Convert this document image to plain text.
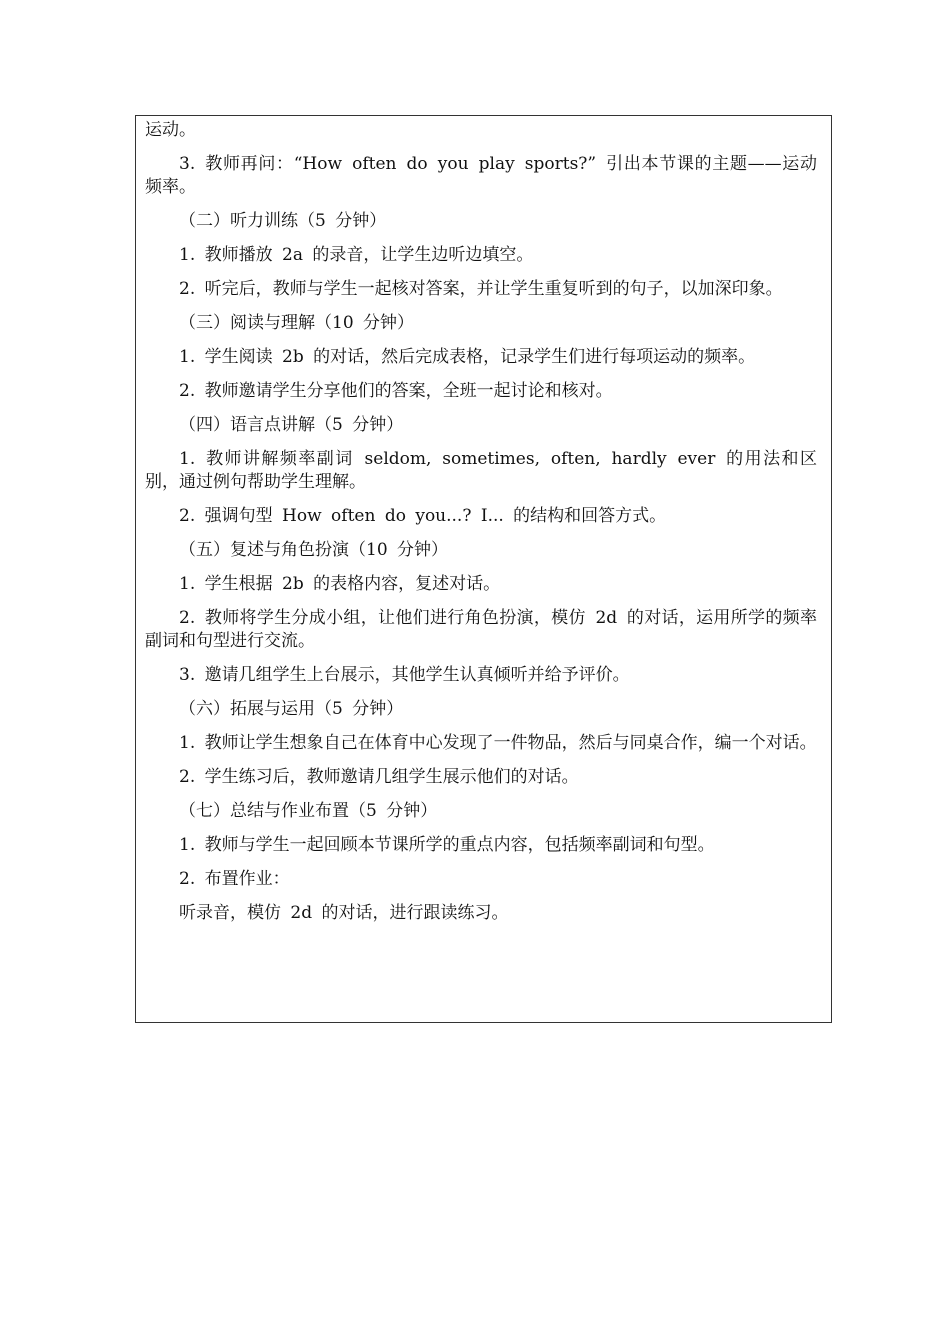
运动。

3. 教师再问：“How often do you play sports?” 引出本节课的主题——运动频率。

（二）听力训练（5 分钟）

1. 教师播放 2a 的录音，让学生边听边填空。

2. 听完后，教师与学生一起核对答案，并让学生重复听到的句子，以加深印象。

（三）阅读与理解（10 分钟）

1. 学生阅读 2b 的对话，然后完成表格，记录学生们进行每项运动的频率。

2. 教师邀请学生分享他们的答案，全班一起讨论和核对。

（四）语言点讲解（5 分钟）

1. 教师讲解频率副词 seldom, sometimes, often, hardly ever 的用法和区别，通过例句帮助学生理解。

2. 强调句型 How often do you...? I... 的结构和回答方式。

（五）复述与角色扮演（10 分钟）

1. 学生根据 2b 的表格内容，复述对话。

2. 教师将学生分成小组，让他们进行角色扮演，模仿 2d 的对话，运用所学的频率副词和句型进行交流。

3. 邀请几组学生上台展示，其他学生认真倾听并给予评价。

（六）拓展与运用（5 分钟）

1. 教师让学生想象自己在体育中心发现了一件物品，然后与同桌合作，编一个对话。

2. 学生练习后，教师邀请几组学生展示他们的对话。

（七）总结与作业布置（5 分钟）

1. 教师与学生一起回顾本节课所学的重点内容，包括频率副词和句型。

2. 布置作业：

听录音，模仿 2d 的对话，进行跟读练习。
